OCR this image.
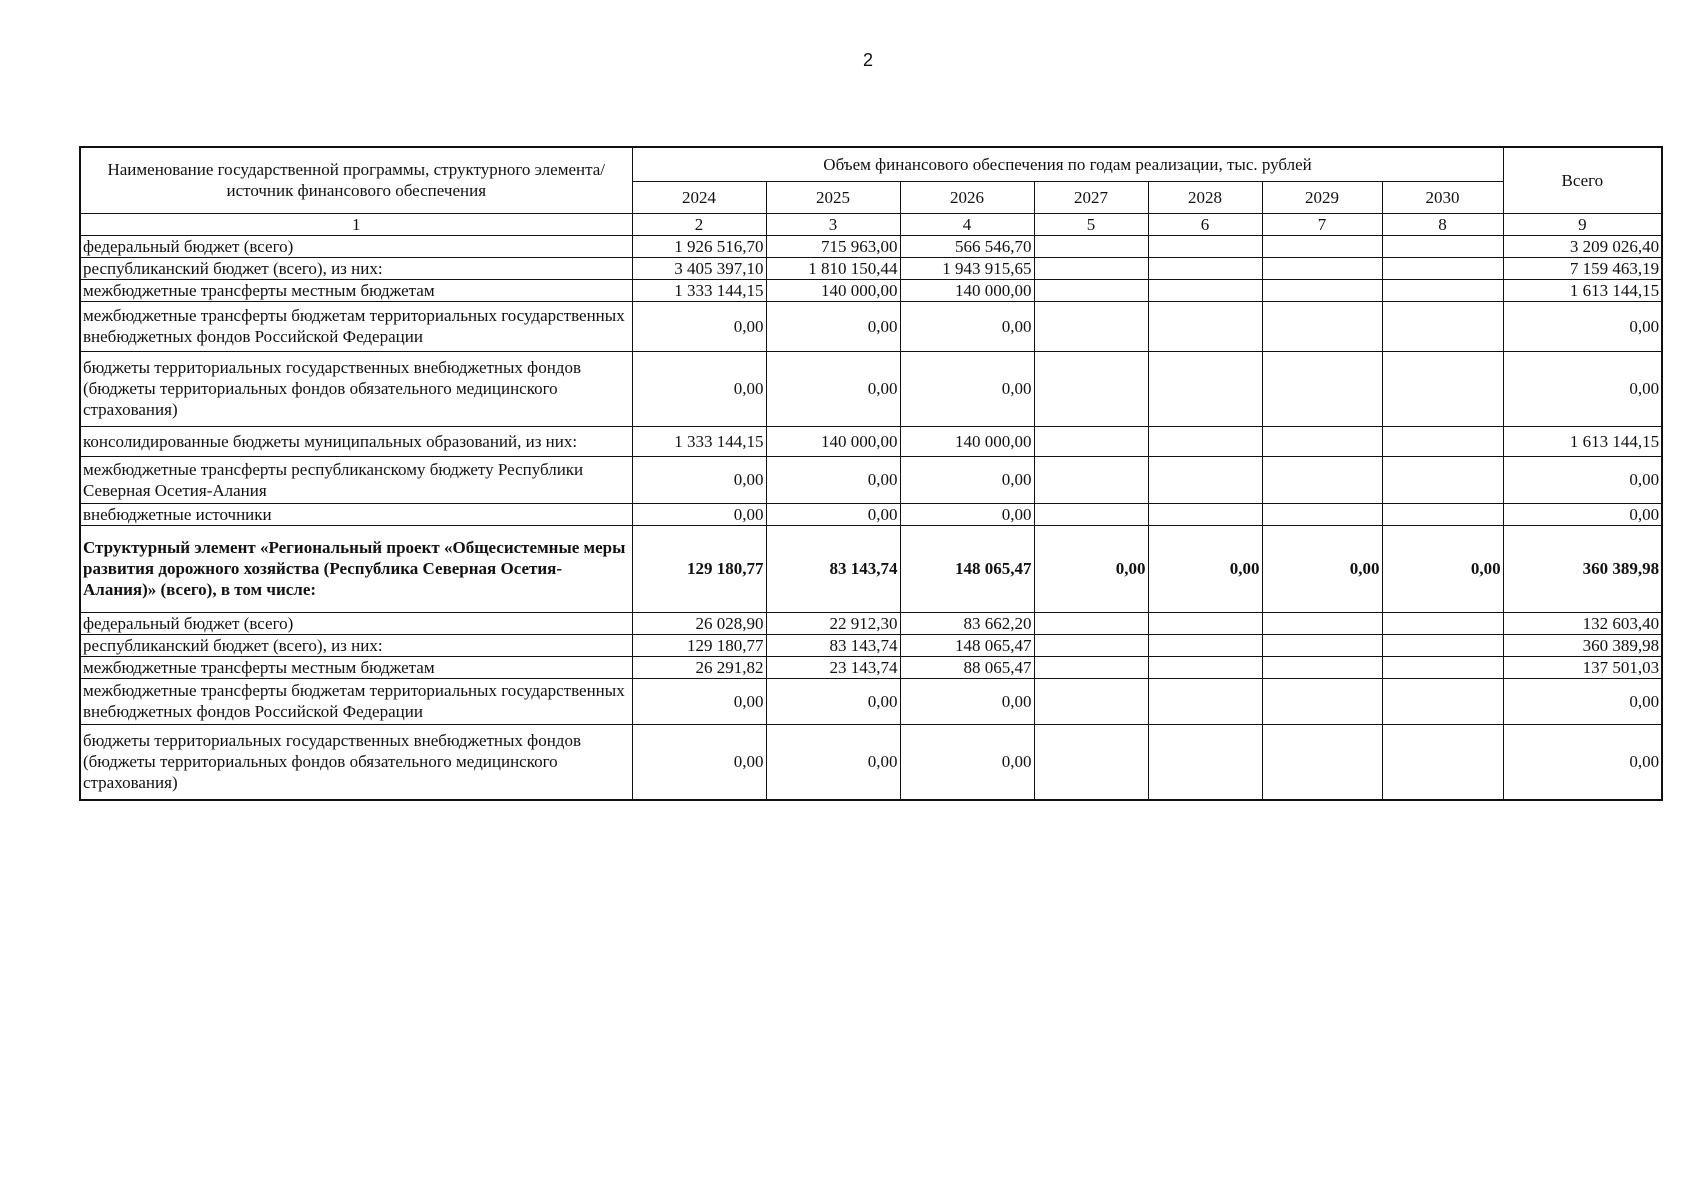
2
Наименование государственной программы, структурного элемента/источник финансового обеспечения	Объем финансового обеспечения по годам реализации, тыс. рублей							Всего
	2024	2025	2026	2027	2028	2029	2030	
1	2	3	4	5	6	7	8	9
федеральный бюджет (всего)	1 926 516,70	715 963,00	566 546,70					3 209 026,40
республиканский бюджет (всего), из них:	3 405 397,10	1 810 150,44	1 943 915,65					7 159 463,19
межбюджетные трансферты местным бюджетам	1 333 144,15	140 000,00	140 000,00					1 613 144,15
межбюджетные трансферты бюджетам территориальных государственных внебюджетных фондов Российской Федерации	0,00	0,00	0,00					0,00
бюджеты территориальных государственных внебюджетных фондов (бюджеты территориальных фондов обязательного медицинского страхования)	0,00	0,00	0,00					0,00
консолидированные бюджеты муниципальных образований, из них:	1 333 144,15	140 000,00	140 000,00					1 613 144,15
межбюджетные трансферты республиканскому бюджету Республики Северная Осетия-Алания	0,00	0,00	0,00					0,00
внебюджетные источники	0,00	0,00	0,00					0,00
Структурный элемент «Региональный проект «Общесистемные меры развития дорожного хозяйства (Республика Северная Осетия-Алания)» (всего), в том числе:	129 180,77	83 143,74	148 065,47	0,00	0,00	0,00	0,00	360 389,98
федеральный бюджет (всего)	26 028,90	22 912,30	83 662,20					132 603,40
республиканский бюджет (всего), из них:	129 180,77	83 143,74	148 065,47					360 389,98
межбюджетные трансферты местным бюджетам	26 291,82	23 143,74	88 065,47					137 501,03
межбюджетные трансферты бюджетам территориальных государственных внебюджетных фондов Российской Федерации	0,00	0,00	0,00					0,00
бюджеты территориальных государственных внебюджетных фондов (бюджеты территориальных фондов обязательного медицинского страхования)	0,00	0,00	0,00					0,00
